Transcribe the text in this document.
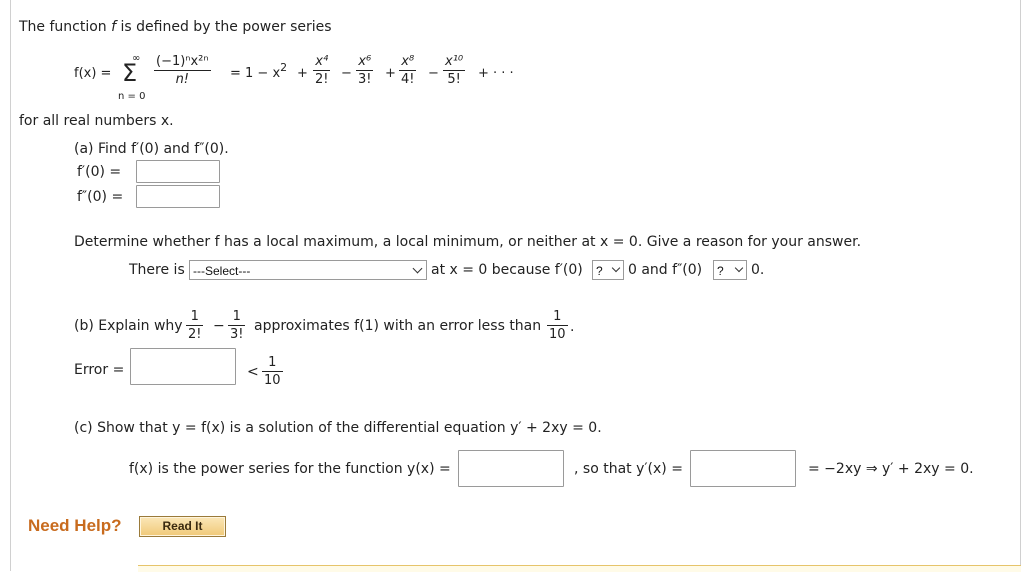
The function f is defined by the power series
f(x) =
∞
Σ
n = 0
$\frac{\text{(−1)ⁿx²ⁿ}}{n!} = 1 - x^2 + \frac{\text{x⁴}}{2!} - \frac{\text{x⁶}}{3!} + \frac{\text{x⁸}}{4!} - \frac{\text{x¹⁰}}{5!}$ + · · ·
for all real numbers x.
(a) Find f′(0) and f″(0).
f′(0) =
f″(0) =
Determine whether f has a local maximum, a local minimum, or neither at x = 0. Give a reason for your answer.
There is ---Select---	at x = 0 because f′(0) ? 0 and f″(0) ? 0.
(b) Explain why $\frac{1}{2!} - \frac{1}{3!}$ approximates f(1) with an error less than $\frac{1}{10}$ .
Error =	< $\frac{1}{10}$
(c) Show that y = f(x) is a solution of the differential equation y′ + 2xy = 0.
f(x) is the power series for the function y(x) =	, so that y′(x) =	= −2xy ⇒ y′ + 2xy = 0.
Need Help?	Read It
